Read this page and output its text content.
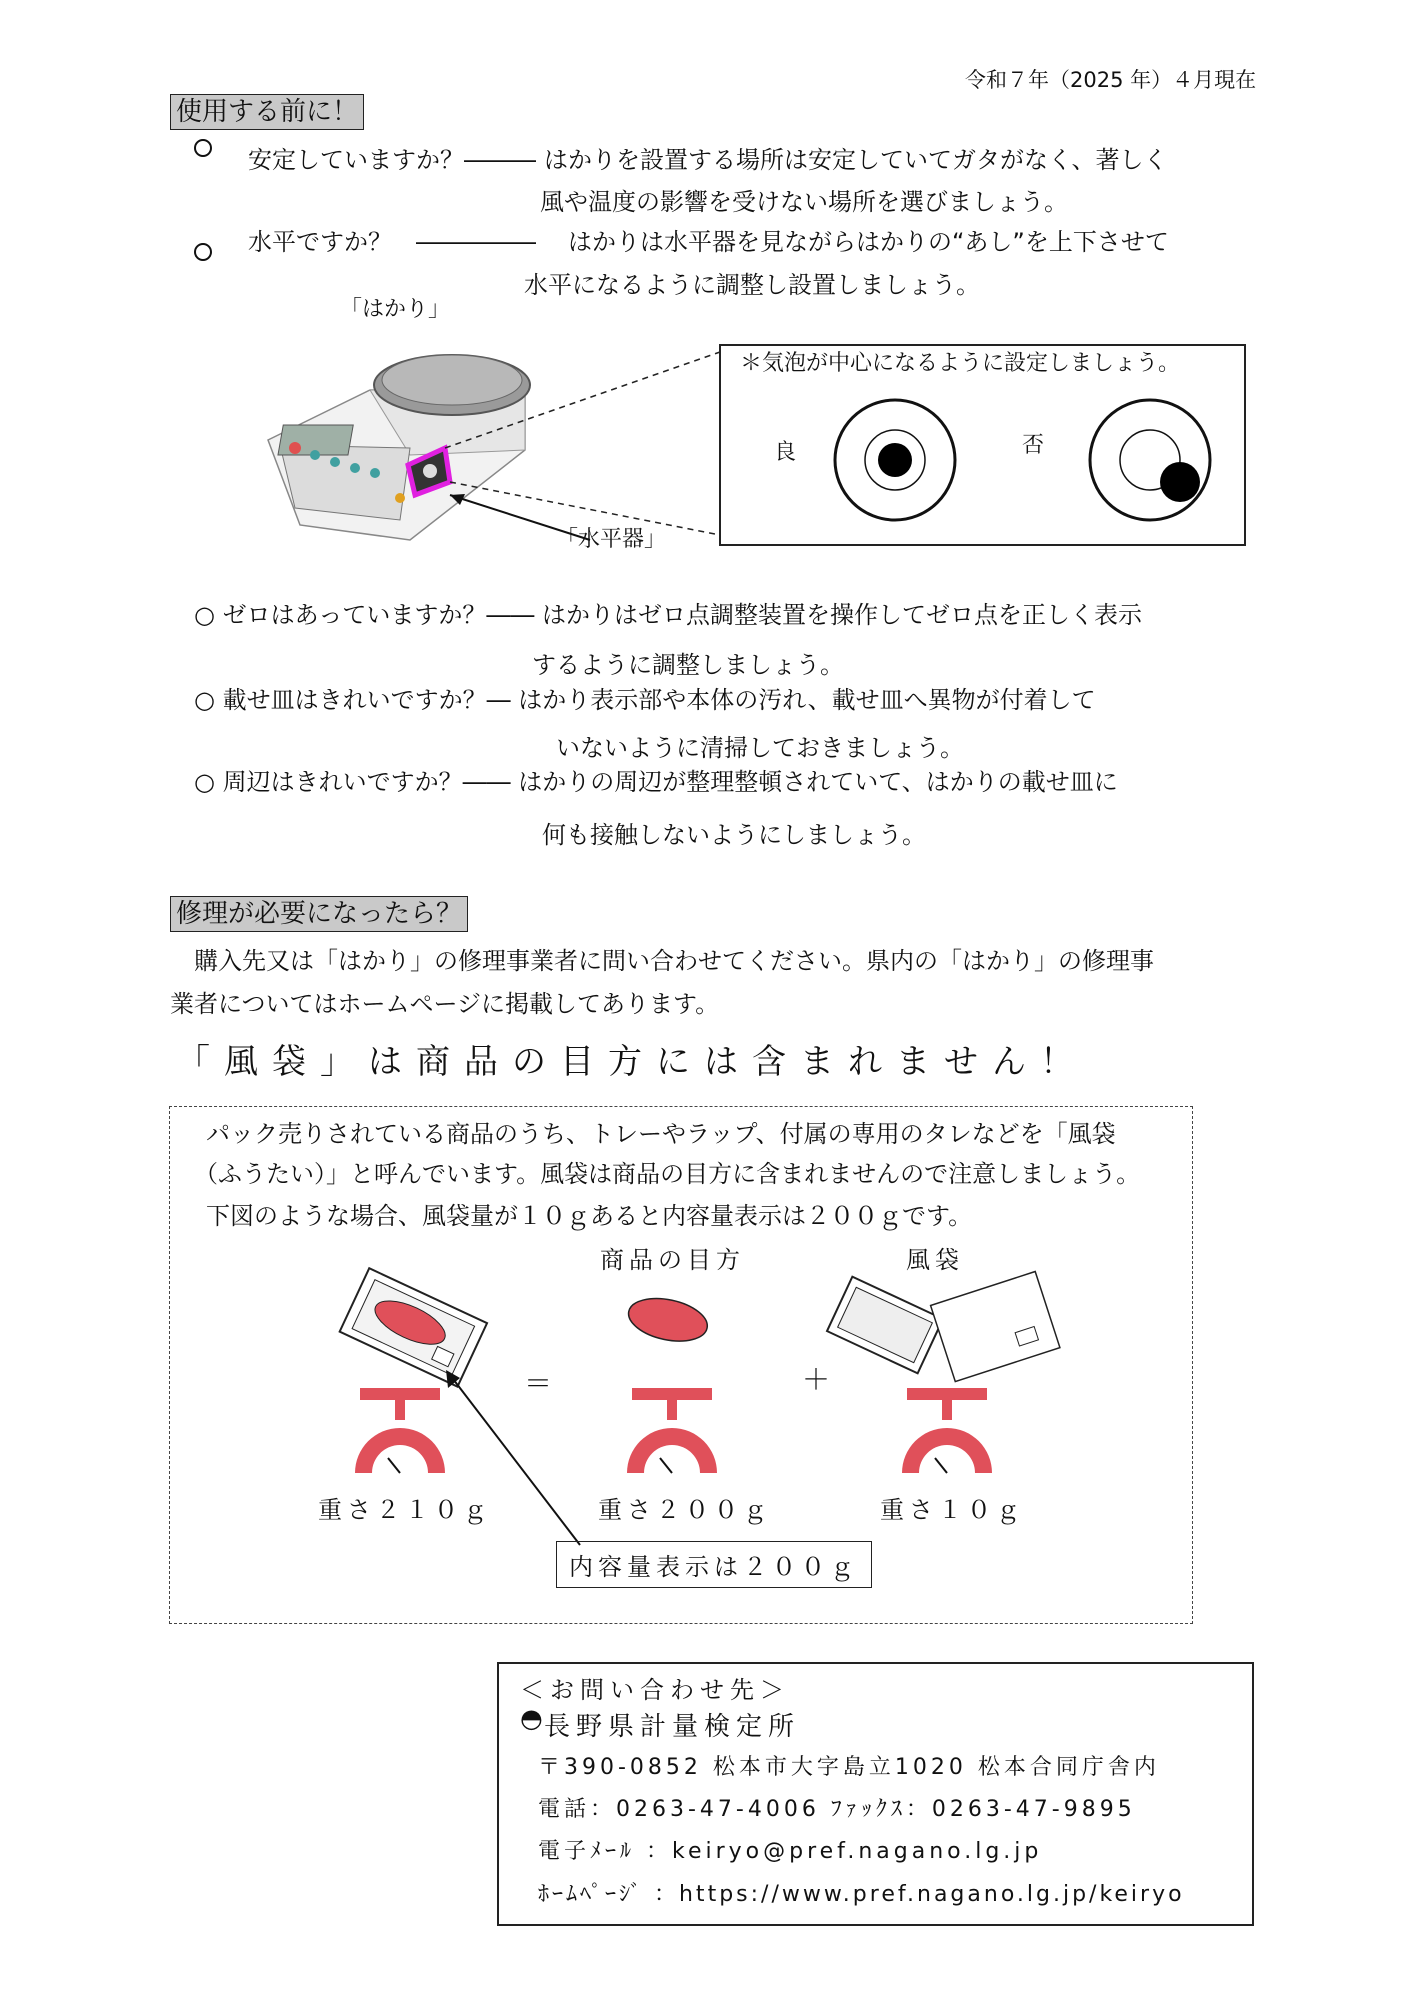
令和７年（2025 年）４月現在
使用する前に！
安定していますか？――― はかりを設置する場所は安定していてガタがなく、著しく
風や温度の影響を受けない場所を選びましょう。
水平ですか？　――――― はかりは水平器を見ながらはかりの“あし”を上下させて
水平になるように調整し設置しましょう。
「はかり」
＊気泡が中心になるように設定しましょう。
良	否
「水平器」
○ ゼロはあっていますか？―― はかりはゼロ点調整装置を操作してゼロ点を正しく表示
するように調整しましょう。
○ 載せ皿はきれいですか？― はかり表示部や本体の汚れ、載せ皿へ異物が付着して
いないように清掃しておきましょう。
○ 周辺はきれいですか？―― はかりの周辺が整理整頓されていて、はかりの載せ皿に
何も接触しないようにしましょう。
修理が必要になったら？
　購入先又は「はかり」の修理事業者に問い合わせてください。県内の「はかり」の修理事
業者についてはホームページに掲載してあります。
「風袋」は商品の目方には含まれません！
パック売りされている商品のうち、トレーやラップ、付属の専用のタレなどを「風袋
（ふうたい）」と呼んでいます。風袋は商品の目方に含まれませんので注意しましょう。
下図のような場合、風袋量が１０ｇあると内容量表示は２００ｇです。
商品の目方	風袋
＝	＋
重さ２１０ｇ	重さ２００ｇ	重さ１０ｇ
内容量表示は２００ｇ
＜お問い合わせ先＞
◓ 長野県計量検定所
〒390-0852 松本市大字島立1020 松本合同庁舎内
電話：0263-47-4006 ﾌｧｯｸｽ：0263-47-9895
電子ﾒｰﾙ ：keiryo@pref.nagano.lg.jp
ﾎｰﾑﾍﾟｰｼﾞ ：https://www.pref.nagano.lg.jp/keiryo
